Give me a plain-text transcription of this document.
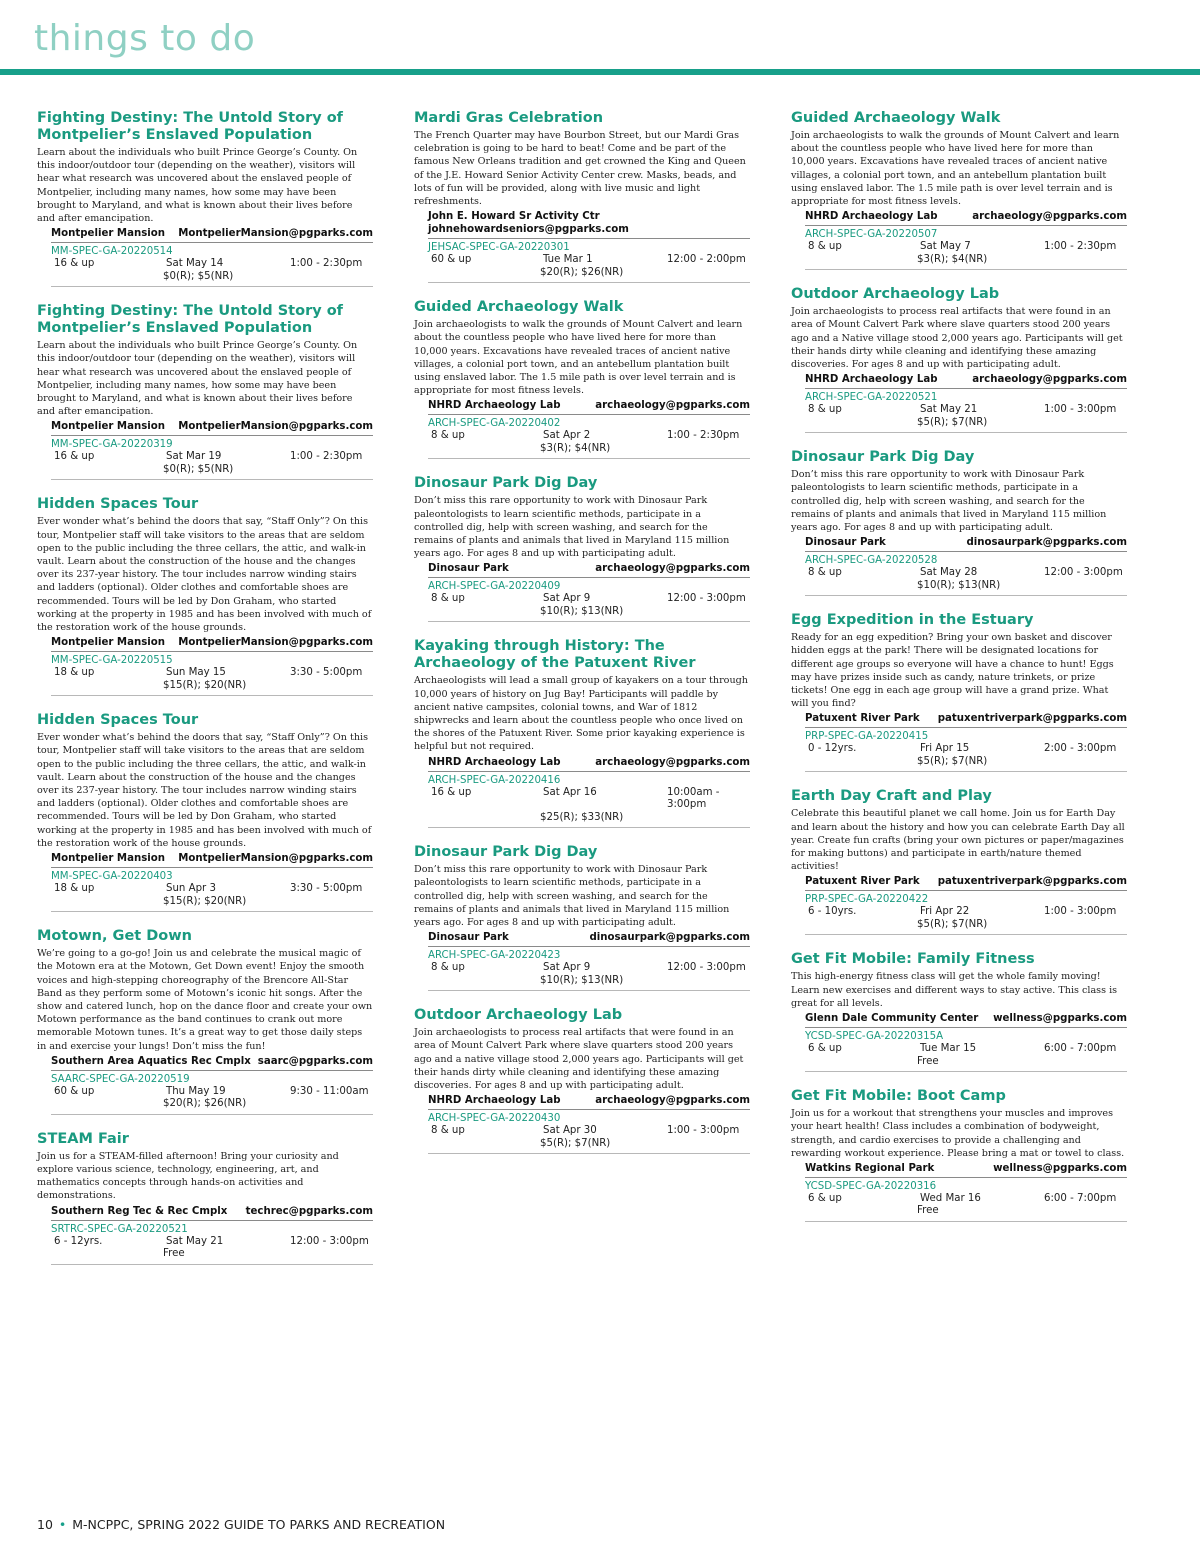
things to do
Fighting Destiny: The Untold Story of Montpelier’s Enslaved Population
Learn about the individuals who built Prince George’s County. On this indoor/outdoor tour (depending on the weather), visitors will hear what research was uncovered about the enslaved people of Montpelier, including many names, how some may have been brought to Maryland, and what is known about their lives before and after emancipation.
Montpelier Mansion MontpelierMansion@pgparks.com
MM-SPEC-GA-20220514
16 & up	Sat May 14	1:00 - 2:30pm
$0(R); $5(NR)
Fighting Destiny: The Untold Story of Montpelier’s Enslaved Population
Learn about the individuals who built Prince George’s County. On this indoor/outdoor tour (depending on the weather), visitors will hear what research was uncovered about the enslaved people of Montpelier, including many names, how some may have been brought to Maryland, and what is known about their lives before and after emancipation.
Montpelier Mansion MontpelierMansion@pgparks.com
MM-SPEC-GA-20220319
16 & up	Sat Mar 19	1:00 - 2:30pm
$0(R); $5(NR)
Hidden Spaces Tour
Ever wonder what’s behind the doors that say, “Staff Only”? On this tour, Montpelier staff will take visitors to the areas that are seldom open to the public including the three cellars, the attic, and walk-in vault. Learn about the construction of the house and the changes over its 237-year history. The tour includes narrow winding stairs and ladders (optional). Older clothes and comfortable shoes are recommended. Tours will be led by Don Graham, who started working at the property in 1985 and has been involved with much of the restoration work of the house grounds.
Montpelier Mansion MontpelierMansion@pgparks.com
MM-SPEC-GA-20220515
18 & up	Sun May 15	3:30 - 5:00pm
$15(R); $20(NR)
Hidden Spaces Tour
Ever wonder what’s behind the doors that say, “Staff Only”? On this tour, Montpelier staff will take visitors to the areas that are seldom open to the public including the three cellars, the attic, and walk-in vault. Learn about the construction of the house and the changes over its 237-year history. The tour includes narrow winding stairs and ladders (optional). Older clothes and comfortable shoes are recommended. Tours will be led by Don Graham, who started working at the property in 1985 and has been involved with much of the restoration work of the house grounds.
Montpelier Mansion MontpelierMansion@pgparks.com
MM-SPEC-GA-20220403
18 & up	Sun Apr 3	3:30 - 5:00pm
$15(R); $20(NR)
Motown, Get Down
We’re going to a go-go! Join us and celebrate the musical magic of the Motown era at the Motown, Get Down event! Enjoy the smooth voices and high-stepping choreography of the Brencore All-Star Band as they perform some of Motown’s iconic hit songs. After the show and catered lunch, hop on the dance floor and create your own Motown performance as the band continues to crank out more memorable Motown tunes. It’s a great way to get those daily steps in and exercise your lungs! Don’t miss the fun!
Southern Area Aquatics Rec Cmplx saarc@pgparks.com
SAARC-SPEC-GA-20220519
60 & up	Thu May 19	9:30 - 11:00am
$20(R); $26(NR)
STEAM Fair
Join us for a STEAM-filled afternoon! Bring your curiosity and explore various science, technology, engineering, art, and mathematics concepts through hands-on activities and demonstrations.
Southern Reg Tec & Rec Cmplx techrec@pgparks.com
SRTRC-SPEC-GA-20220521
6 - 12yrs.	Sat May 21	12:00 - 3:00pm
Free
Mardi Gras Celebration
The French Quarter may have Bourbon Street, but our Mardi Gras celebration is going to be hard to beat! Come and be part of the famous New Orleans tradition and get crowned the King and Queen of the J.E. Howard Senior Activity Center crew. Masks, beads, and lots of fun will be provided, along with live music and light refreshments.
John E. Howard Sr Activity Ctr
johnehowardseniors@pgparks.com
JEHSAC-SPEC-GA-20220301
60 & up	Tue Mar 1	12:00 - 2:00pm
$20(R); $26(NR)
Guided Archaeology Walk
Join archaeologists to walk the grounds of Mount Calvert and learn about the countless people who have lived here for more than 10,000 years. Excavations have revealed traces of ancient native villages, a colonial port town, and an antebellum plantation built using enslaved labor. The 1.5 mile path is over level terrain and is appropriate for most fitness levels.
NHRD Archaeology Lab	archaeology@pgparks.com
ARCH-SPEC-GA-20220402
8 & up	Sat Apr 2	1:00 - 2:30pm
$3(R); $4(NR)
Dinosaur Park Dig Day
Don’t miss this rare opportunity to work with Dinosaur Park paleontologists to learn scientific methods, participate in a controlled dig, help with screen washing, and search for the remains of plants and animals that lived in Maryland 115 million years ago. For ages 8 and up with participating adult.
Dinosaur Park	archaeology@pgparks.com
ARCH-SPEC-GA-20220409
8 & up	Sat Apr 9	12:00 - 3:00pm
$10(R); $13(NR)
Kayaking through History: The Archaeology of the Patuxent River
Archaeologists will lead a small group of kayakers on a tour through 10,000 years of history on Jug Bay! Participants will paddle by ancient native campsites, colonial towns, and War of 1812 shipwrecks and learn about the countless people who once lived on the shores of the Patuxent River. Some prior kayaking experience is helpful but not required.
NHRD Archaeology Lab	archaeology@pgparks.com
ARCH-SPEC-GA-20220416
16 & up	Sat Apr 16	10:00am - 3:00pm
$25(R); $33(NR)
Dinosaur Park Dig Day
Don’t miss this rare opportunity to work with Dinosaur Park paleontologists to learn scientific methods, participate in a controlled dig, help with screen washing, and search for the remains of plants and animals that lived in Maryland 115 million years ago. For ages 8 and up with participating adult.
Dinosaur Park	dinosaurpark@pgparks.com
ARCH-SPEC-GA-20220423
8 & up	Sat Apr 9	12:00 - 3:00pm
$10(R); $13(NR)
Outdoor Archaeology Lab
Join archaeologists to process real artifacts that were found in an area of Mount Calvert Park where slave quarters stood 200 years ago and a native village stood 2,000 years ago. Participants will get their hands dirty while cleaning and identifying these amazing discoveries. For ages 8 and up with participating adult.
NHRD Archaeology Lab	archaeology@pgparks.com
ARCH-SPEC-GA-20220430
8 & up	Sat Apr 30	1:00 - 3:00pm
$5(R); $7(NR)
Guided Archaeology Walk
Join archaeologists to walk the grounds of Mount Calvert and learn about the countless people who have lived here for more than 10,000 years. Excavations have revealed traces of ancient native villages, a colonial port town, and an antebellum plantation built using enslaved labor. The 1.5 mile path is over level terrain and is appropriate for most fitness levels.
NHRD Archaeology Lab	archaeology@pgparks.com
ARCH-SPEC-GA-20220507
8 & up	Sat May 7	1:00 - 2:30pm
$3(R); $4(NR)
Outdoor Archaeology Lab
Join archaeologists to process real artifacts that were found in an area of Mount Calvert Park where slave quarters stood 200 years ago and a Native village stood 2,000 years ago. Participants will get their hands dirty while cleaning and identifying these amazing discoveries. For ages 8 and up with participating adult.
NHRD Archaeology Lab	archaeology@pgparks.com
ARCH-SPEC-GA-20220521
8 & up	Sat May 21	1:00 - 3:00pm
$5(R); $7(NR)
Dinosaur Park Dig Day
Don’t miss this rare opportunity to work with Dinosaur Park paleontologists to learn scientific methods, participate in a controlled dig, help with screen washing, and search for the remains of plants and animals that lived in Maryland 115 million years ago. For ages 8 and up with participating adult.
Dinosaur Park	dinosaurpark@pgparks.com
ARCH-SPEC-GA-20220528
8 & up	Sat May 28	12:00 - 3:00pm
$10(R); $13(NR)
Egg Expedition in the Estuary
Ready for an egg expedition? Bring your own basket and discover hidden eggs at the park! There will be designated locations for different age groups so everyone will have a chance to hunt! Eggs may have prizes inside such as candy, nature trinkets, or prize tickets! One egg in each age group will have a grand prize. What will you find?
Patuxent River Park patuxentriverpark@pgparks.com
PRP-SPEC-GA-20220415
0 - 12yrs.	Fri Apr 15	2:00 - 3:00pm
$5(R); $7(NR)
Earth Day Craft and Play
Celebrate this beautiful planet we call home. Join us for Earth Day and learn about the history and how you can celebrate Earth Day all year. Create fun crafts (bring your own pictures or paper/magazines for making buttons) and participate in earth/nature themed activities!
Patuxent River Park patuxentriverpark@pgparks.com
PRP-SPEC-GA-20220422
6 - 10yrs.	Fri Apr 22	1:00 - 3:00pm
$5(R); $7(NR)
Get Fit Mobile: Family Fitness
This high-energy fitness class will get the whole family moving! Learn new exercises and different ways to stay active. This class is great for all levels.
Glenn Dale Community Center wellness@pgparks.com
YCSD-SPEC-GA-20220315A
6 & up	Tue Mar 15	6:00 - 7:00pm
Free
Get Fit Mobile: Boot Camp
Join us for a workout that strengthens your muscles and improves your heart health! Class includes a combination of bodyweight, strength, and cardio exercises to provide a challenging and rewarding workout experience. Please bring a mat or towel to class.
Watkins Regional Park	wellness@pgparks.com
YCSD-SPEC-GA-20220316
6 & up	Wed Mar 16	6:00 - 7:00pm
Free
10 • M-NCPPC, SPRING 2022 GUIDE TO PARKS AND RECREATION
